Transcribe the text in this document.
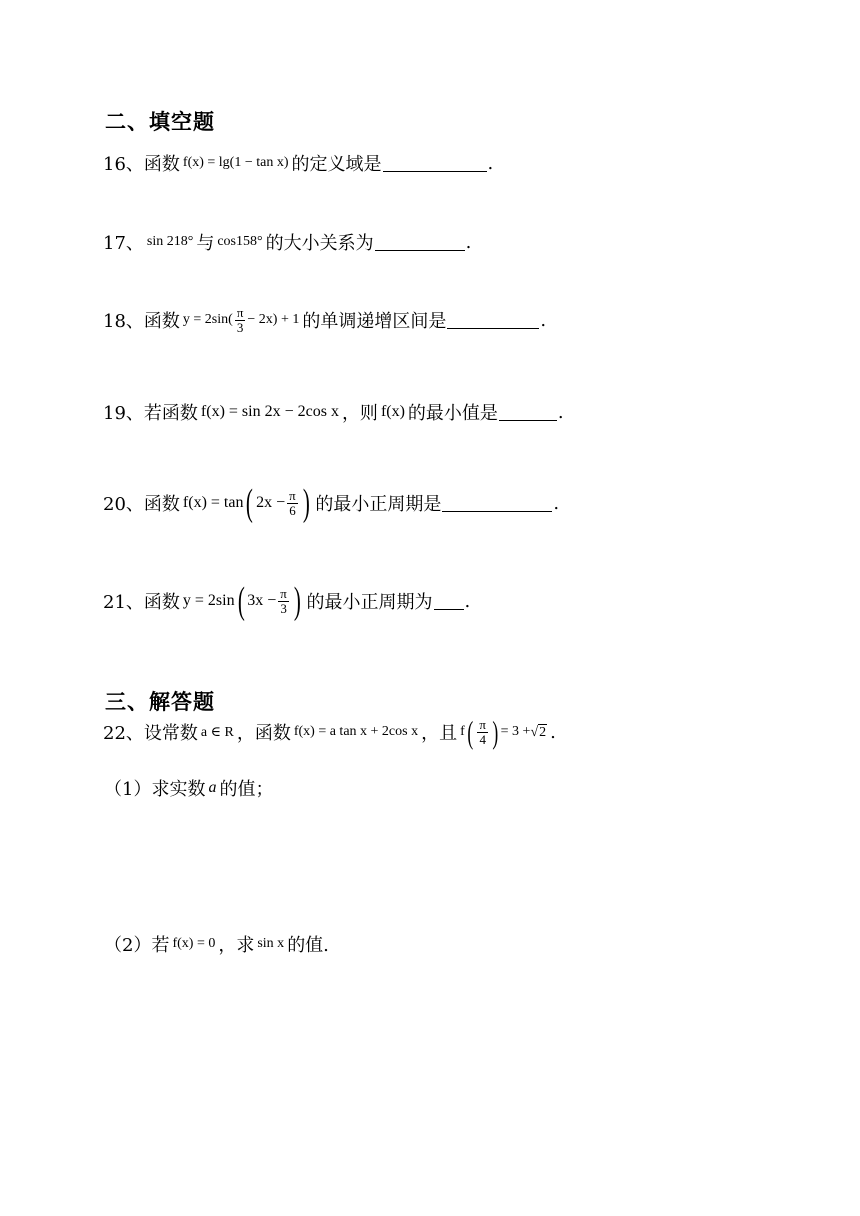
二、填空题
16、 函数 f(x) = lg(1 − tan x) 的定义域是	.
17、 sin 218° 与 cos158° 的大小关系为	.
18、 函数 $y = 2\sin( \frac{\pi}{3} - 2x) + 1$ 的单调递增区间是	.
19、 若函数 f(x) = sin 2x − 2cos x ，则 f(x) 的最小值是	.
20、 函数 f(x) = tan ( $2x - \frac{\pi}{6}$ ) 的最小正周期是	.
21、 函数 y = 2sin ( $3x - \frac{\pi}{3}$ ) 的最小正周期为 .
三、解答题
22、 设常数 a ∈ R ，函数 f(x) = a tan x + 2cos x ，且 f ( $\frac{\pi}{4}$ ) = 3 + √ 2 .
（1）求实数 a 的值；
（2）若 f(x) = 0 ，求 sin x 的值.
